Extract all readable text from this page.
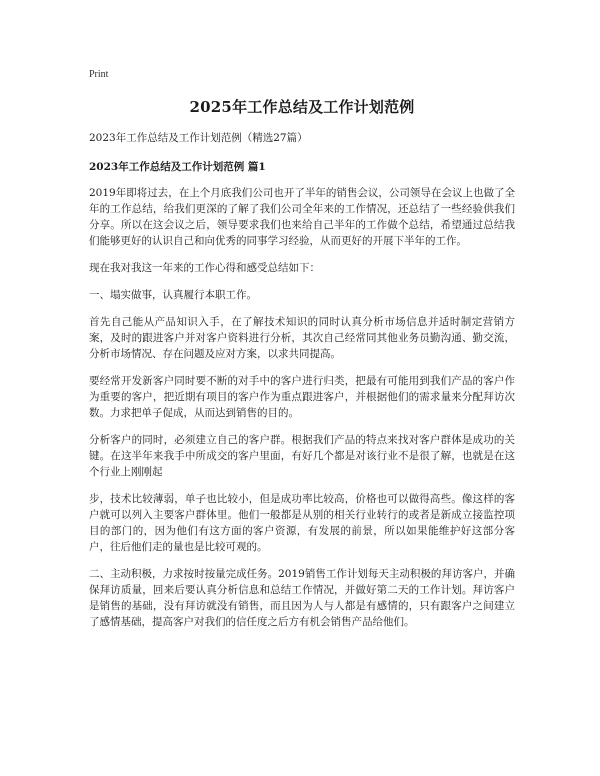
Print
2025年工作总结及工作计划范例
2023年工作总结及工作计划范例（精选27篇）
2023年工作总结及工作计划范例 篇1

2019年即将过去，在上个月底我们公司也开了半年的销售会议，公司领导在会议上也做了全年的工作总结，给我们更深的了解了我们公司全年来的工作情况，还总结了一些经验供我们分享。所以在这会议之后，领导要求我们也来给自己半年的工作做个总结，希望通过总结我们能够更好的认识自己和向优秀的同事学习经验，从而更好的开展下半年的工作。

现在我对我这一年来的工作心得和感受总结如下：

一、塌实做事，认真履行本职工作。

首先自己能从产品知识入手，在了解技术知识的同时认真分析市场信息并适时制定营销方案，及时的跟进客户并对客户资料进行分析，其次自己经常同其他业务员勤沟通、勤交流，分析市场情况、存在问题及应对方案，以求共同提高。

要经常开发新客户同时要不断的对手中的客户进行归类，把最有可能用到我们产品的客户作为重要的客户，把近期有项目的客户作为重点跟进客户，并根据他们的需求量来分配拜访次数。力求把单子促成，从而达到销售的目的。

分析客户的同时，必须建立自己的客户群。根据我们产品的特点来找对客户群体是成功的关键。在这半年来我手中所成交的客户里面，有好几个都是对该行业不是很了解，也就是在这个行业上刚刚起

步，技术比较薄弱，单子也比较小，但是成功率比较高，价格也可以做得高些。像这样的客户就可以列入主要客户群体里。他们一般都是从别的相关行业转行的或者是新成立接监控项目的部门的，因为他们有这方面的客户资源，有发展的前景，所以如果能维护好这部分客户，往后他们走的量也是比较可观的。

二、主动积极，力求按时按量完成任务。2019销售工作计划每天主动积极的拜访客户，并确保拜访质量，回来后要认真分析信息和总结工作情况，并做好第二天的工作计划。拜访客户是销售的基础，没有拜访就没有销售，而且因为人与人都是有感情的，只有跟客户之间建立了感情基础，提高客户对我们的信任度之后方有机会销售产品给他们。
